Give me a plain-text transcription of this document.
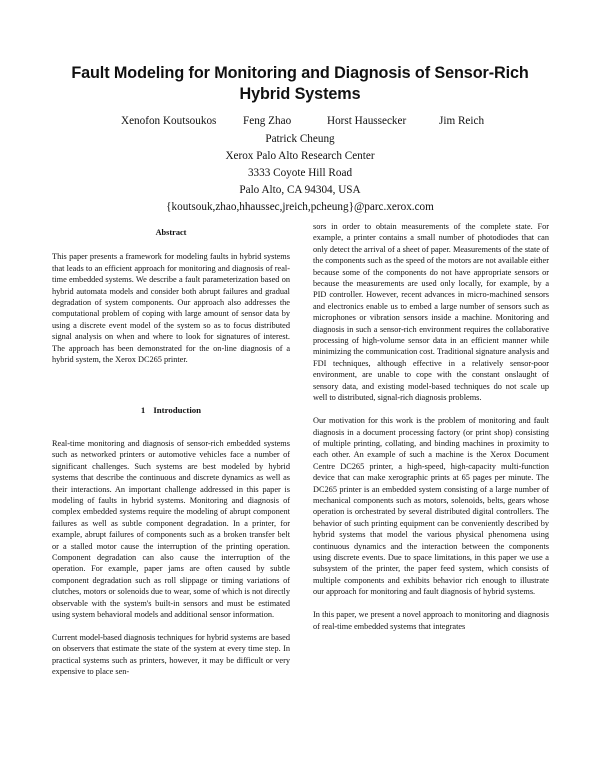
Fault Modeling for Monitoring and Diagnosis of Sensor-Rich
Hybrid Systems
Xenofon Koutsoukos Feng Zhao	Horst Haussecker	Jim Reich
Patrick Cheung
Xerox Palo Alto Research Center
3333 Coyote Hill Road
Palo Alto, CA 94304, USA
{koutsouk,zhao,hhaussec,jreich,pcheung}@parc.xerox.com
Abstract

This paper presents a framework for modeling faults in hybrid systems that leads to an efficient approach for monitoring and diagnosis of real-time embedded systems. We describe a fault parameterization based on hybrid automata models and consider both abrupt failures and gradual degradation of system components. Our approach also addresses the computational problem of coping with large amount of sensor data by using a discrete event model of the system so as to focus distributed signal analysis on when and where to look for signatures of interest. The approach has been demonstrated for the on-line diagnosis of a hybrid system, the Xerox DC265 printer.

1 Introduction

Real-time monitoring and diagnosis of sensor-rich embedded systems such as networked printers or automotive vehicles face a number of significant challenges. Such systems are best modeled by hybrid systems that describe the continuous and discrete dynamics as well as their interactions. An important challenge addressed in this paper is modeling of faults in hybrid systems. Monitoring and diagnosis of complex embedded systems require the modeling of abrupt component failures as well as subtle component degradation. In a printer, for example, abrupt failures of components such as a broken transfer belt or a stalled motor cause the interruption of the printing operation. Component degradation can also cause the interruption of the operation. For example, paper jams are often caused by subtle component degradation such as roll slippage or timing variations of clutches, motors or solenoids due to wear, some of which is not directly observable with the system's built-in sensors and must be estimated using system behavioral models and additional sensor information.

Current model-based diagnosis techniques for hybrid systems are based on observers that estimate the state of the system at every time step. In practical systems such as printers, however, it may be difficult or very expensive to place sen-

sors in order to obtain measurements of the complete state. For example, a printer contains a small number of photodiodes that can only detect the arrival of a sheet of paper. Measurements of the state of the components such as the speed of the motors are not available either because some of the components do not have appropriate sensors or because the measurements are used only locally, for example, by a PID controller. However, recent advances in micro-machined sensors and electronics enable us to embed a large number of sensors such as microphones or vibration sensors inside a machine. Monitoring and diagnosis in such a sensor-rich environment requires the collaborative processing of high-volume sensor data in an efficient manner while minimizing the communication cost. Traditional signature analysis and FDI techniques, although effective in a relatively sensor-poor environment, are unable to cope with the constant onslaught of sensory data, and existing model-based techniques do not scale up well to distributed, signal-rich diagnosis problems.

Our motivation for this work is the problem of monitoring and fault diagnosis in a document processing factory (or print shop) consisting of multiple printing, collating, and binding machines in proximity to each other. An example of such a machine is the Xerox Document Centre DC265 printer, a high-speed, high-capacity multi-function device that can make xerographic prints at 65 pages per minute. The DC265 printer is an embedded system consisting of a large number of mechanical components such as motors, solenoids, belts, gears whose operation is orchestrated by several distributed digital controllers. The behavior of such printing equipment can be conveniently described by hybrid systems that model the various physical phenomena using continuous dynamics and the interaction between the components using discrete events. Due to space limitations, in this paper we use a subsystem of the printer, the paper feed system, which consists of multiple components and exhibits behavior rich enough to illustrate our approach for monitoring and fault diagnosis of hybrid systems.

In this paper, we present a novel approach to monitoring and diagnosis of real-time embedded systems that integrates
